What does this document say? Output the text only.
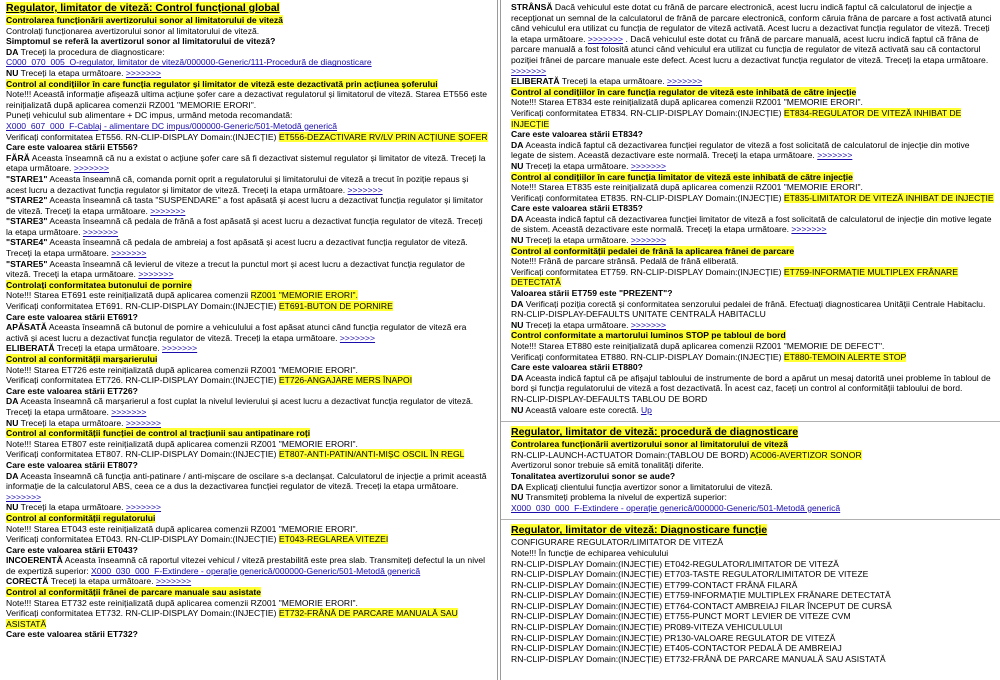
Regulator, limitator de viteză: Control funcțional global

Controlarea funcționării avertizorului sonor al limitatorului de viteză

Controlați funcționarea avertizorului sonor al limitatorului de viteză.

Simptomul se referă la avertizorul sonor al limitatorului de viteză?

DA Treceți la procedura de diagnosticare:

C000_070_005_O-regulator, limitator de viteză/000000-Generic/111-Procedură de diagnosticare

NU Treceți la etapa următoare. >>>>>>>

Control al condițiilor în care funcția regulator și limitator de viteză este dezactivată prin acțiunea șoferului

Note!!! Această informație afișează ultima acțiune șofer care a dezactivat regulatorul și limitatorul de viteză. Starea ET556 este reinițializată după aplicarea comenzii RZ001 "MEMORIE ERORI".

Puneți vehiculul sub alimentare + DC impus, urmând metoda recomandată:

X000_607_000_F-Cablaj - alimentare DC impus/000000-Generic/501-Metodă generică

Verificați conformitatea ET556. RN-CLIP-DISPLAY Domain:(INJECȚIE) ET556-DEZACTIVARE RV/LV PRIN ACȚIUNE ȘOFER

Care este valoarea stării ET556?

FĂRĂ Aceasta înseamnă că nu a existat o acțiune șofer care să fi dezactivat sistemul regulator și limitator de viteză. Treceți la etapa următoare. >>>>>>>

"STARE1" Aceasta înseamnă că, comanda pornit oprit a regulatorului și limitatorului de viteză a trecut în poziție repaus și acest lucru a dezactivat funcția regulator și limitator de viteză. Treceți la etapa următoare. >>>>>>>

"STARE2" Aceasta înseamnă că tasta "SUSPENDARE" a fost apăsată și acest lucru a dezactivat funcția regulator și limitator de viteză. Treceți la etapa următoare. >>>>>>>

"STARE3" Aceasta înseamnă că pedala de frână a fost apăsată și acest lucru a dezactivat funcția regulator de viteză. Treceți la etapa următoare. >>>>>>>

"STARE4" Aceasta înseamnă că pedala de ambreiaj a fost apăsată și acest lucru a dezactivat funcția regulator de viteză. Treceți la etapa următoare. >>>>>>>

"STARE5" Aceasta înseamnă că levierul de viteze a trecut la punctul mort și acest lucru a dezactivat funcția regulator de viteză. Treceți la etapa următoare. >>>>>>>

Controlați conformitatea butonului de pornire

Note!!! Starea ET691 este reinițializată după aplicarea comenzii RZ001 "MEMORIE ERORI".

Verificați conformitatea ET691. RN-CLIP-DISPLAY Domain:(INJECȚIE) ET691-BUTON DE PORNIRE

Care este valoarea stării ET691?

APĂSATĂ Aceasta înseamnă că butonul de pornire a vehiculului a fost apăsat atunci când funcția regulator de viteză era activă și acest lucru a dezactivat funcția regulator de viteză. Treceți la etapa următoare. >>>>>>>

ELIBERATĂ Treceți la etapa următoare. >>>>>>>

Control al conformității marșarierului

Note!!! Starea ET726 este reinițializată după aplicarea comenzii RZ001 "MEMORIE ERORI".

Verificați conformitatea ET726. RN-CLIP-DISPLAY Domain:(INJECȚIE) ET726-ANGAJARE MERS ÎNAPOI

Care este valoarea stării ET726?

DA Aceasta înseamnă că marșarierul a fost cuplat la nivelul levierului și acest lucru a dezactivat funcția regulator de viteză. Treceți la etapa următoare. >>>>>>>

NU Treceți la etapa următoare. >>>>>>>

Control al conformității funcției de control al tracțiunii sau antipatinare roți

Note!!! Starea ET807 este reinițializată după aplicarea comenzii RZ001 "MEMORIE ERORI".

Verificați conformitatea ET807. RN-CLIP-DISPLAY Domain:(INJECȚIE) ET807-ANTI-PATIN/ANTI-MIȘC OSCIL ÎN REGL

Care este valoarea stării ET807?

DA Aceasta înseamnă că funcția anti-patinare / anti-mișcare de oscilare s-a declanșat. Calculatorul de injecție a primit această informație de la calculatorul ABS, ceea ce a dus la dezactivarea funcției regulator de viteză. Treceți la etapa următoare. >>>>>>>

NU Treceți la etapa următoare. >>>>>>>

Control al conformității regulatorului

Note!!! Starea ET043 este reinițializată după aplicarea comenzii RZ001 "MEMORIE ERORI".

Verificați conformitatea ET043. RN-CLIP-DISPLAY Domain:(INJECȚIE) ET043-REGLAREA VITEZEI

Care este valoarea stării ET043?

INCOERENTĂ Aceasta înseamnă că raportul vitezei vehicul / viteză prestabilită este prea slab. Transmiteți defectul la un nivel de expertiză superior: X000_030_000_F-Extindere - operație generică/000000-Generic/501-Metodă generică

CORECTĂ Treceți la etapa următoare. >>>>>>>

Control al conformității frânei de parcare manuale sau asistate

Note!!! Starea ET732 este reinițializată după aplicarea comenzii RZ001 "MEMORIE ERORI".

Verificați conformitatea ET732. RN-CLIP-DISPLAY Domain:(INJECȚIE) ET732-FRÂNĂ DE PARCARE MANUALĂ SAU ASISTATĂ

Care este valoarea stării ET732?

STRÂNSĂ Dacă vehiculul este dotat cu frână de parcare electronică, acest lucru indică faptul că calculatorul de injecție a recepționat un semnal de la calculatorul de frână de parcare electronică, conform căruia frâna de parcare a fost activată atunci când vehiculul era utilizat cu funcția de regulator de viteză activată. Acest lucru a dezactivat funcția regulator de viteză. Treceți la etapa următoare. >>>>>>> . Dacă vehiculul este dotat cu frână de parcare manuală, acest lucru indică faptul că frâna de parcare manuală a fost folosită atunci când vehiculul era utilizat cu funcția de regulator de viteză activată sau că contactorul poziției frânei de parcare manuale este defect. Acest lucru a dezactivat funcția regulator de viteză. Treceți la etapa următoare. >>>>>>>

ELIBERATĂ Treceți la etapa următoare. >>>>>>>

Control al condițiilor în care funcția regulator de viteză este inhibată de către injecție

Note!!! Starea ET834 este reinițializată după aplicarea comenzii RZ001 "MEMORIE ERORI".

Verificați conformitatea ET834. RN-CLIP-DISPLAY Domain:(INJECȚIE) ET834-REGULATOR DE VITEZĂ INHIBAT DE INJECȚIE

Care este valoarea stării ET834?

DA Aceasta indică faptul că dezactivarea funcției regulator de viteză a fost solicitată de calculatorul de injecție din motive legate de sistem. Această dezactivare este normală. Treceți la etapa următoare. >>>>>>>

NU Treceți la etapa următoare. >>>>>>>

Control al condițiilor în care funcția limitator de viteză este inhibată de către injecție

Note!!! Starea ET835 este reinițializată după aplicarea comenzii RZ001 "MEMORIE ERORI".

Verificați conformitatea ET835. RN-CLIP-DISPLAY Domain:(INJECȚIE) ET835-LIMITATOR DE VITEZĂ INHIBAT DE INJECȚIE

Care este valoarea stării ET835?

DA Aceasta indică faptul că dezactivarea funcției limitator de viteză a fost solicitată de calculatorul de injecție din motive legate de sistem. Această dezactivare este normală. Treceți la etapa următoare. >>>>>>>

NU Treceți la etapa următoare. >>>>>>>

Control al conformității pedalei de frână la aplicarea frânei de parcare

Note!!! Frână de parcare strânsă. Pedală de frână eliberată.

Verificați conformitatea ET759. RN-CLIP-DISPLAY Domain:(INJECȚIE) ET759-INFORMAȚIE MULTIPLEX FRÂNARE DETECTATĂ

Valoarea stării ET759 este "PREZENT"?

DA Verificați poziția corectă și conformitatea senzorului pedalei de frână. Efectuați diagnosticarea Unității Centrale Habitaclu.

RN-CLIP-DISPLAY-DEFAULTS UNITATE CENTRALĂ HABITACLU

NU Treceți la etapa următoare. >>>>>>>

Control conformitate a martorului luminos STOP pe tabloul de bord

Note!!! Starea ET880 este reinițializată după aplicarea comenzii RZ001 "MEMORIE DE DEFECT".

Verificați conformitatea ET880. RN-CLIP-DISPLAY Domain:(INJECȚIE) ET880-TEMOIN ALERTE STOP

Care este valoarea stării ET880?

DA Aceasta indică faptul că pe afișajul tabloului de instrumente de bord a apărut un mesaj datorită unei probleme în tabloul de bord și funcția regulatorului de viteză a fost dezactivată. În acest caz, faceți un control al conformității tabloului de bord.

RN-CLIP-DISPLAY-DEFAULTS TABLOU DE BORD

NU Această valoare este corectă. Up

Regulator, limitator de viteză: procedură de diagnosticare

Controlarea funcționării avertizorului sonor al limitatorului de viteză

RN-CLIP-LAUNCH-ACTUATOR Domain:(TABLOU DE BORD) AC006-AVERTIZOR SONOR

Avertizorul sonor trebuie să emită tonalități diferite.

Tonalitatea avertizorului sonor se aude?

DA Explicați clientului funcția avertizor sonor a limitatorului de viteză.

NU Transmiteți problema la nivelul de expertiză superior:

X000_030_000_F-Extindere - operație generică/000000-Generic/501-Metodă generică

Regulator, limitator de viteză: Diagnosticare funcție

CONFIGURARE REGULATOR/LIMITATOR DE VITEZĂ

Note!!! În funcție de echiparea vehiculului

RN-CLIP-DISPLAY Domain:(INJECȚIE) ET042-REGULATOR/LIMITATOR DE VITEZĂ

RN-CLIP-DISPLAY Domain:(INJECȚIE) ET703-TASTE REGULATOR/LIMITATOR DE VITEZE

RN-CLIP-DISPLAY Domain:(INJECȚIE) ET799-CONTACT FRÂNĂ FILARĂ

RN-CLIP-DISPLAY Domain:(INJECȚIE) ET759-INFORMAȚIE MULTIPLEX FRÂNARE DETECTATĂ

RN-CLIP-DISPLAY Domain:(INJECȚIE) ET764-CONTACT AMBREIAJ FILAR ÎNCEPUT DE CURSĂ

RN-CLIP-DISPLAY Domain:(INJECȚIE) ET755-PUNCT MORT LEVIER DE VITEZE CVM

RN-CLIP-DISPLAY Domain:(INJECȚIE) PR089-VITEZA VEHICULULUI

RN-CLIP-DISPLAY Domain:(INJECȚIE) PR130-VALOARE REGULATOR DE VITEZĂ

RN-CLIP-DISPLAY Domain:(INJECȚIE) ET405-CONTACTOR PEDALĂ DE AMBREIAJ

RN-CLIP-DISPLAY Domain:(INJECȚIE) ET732-FRÂNĂ DE PARCARE MANUALĂ SAU ASISTATĂ
